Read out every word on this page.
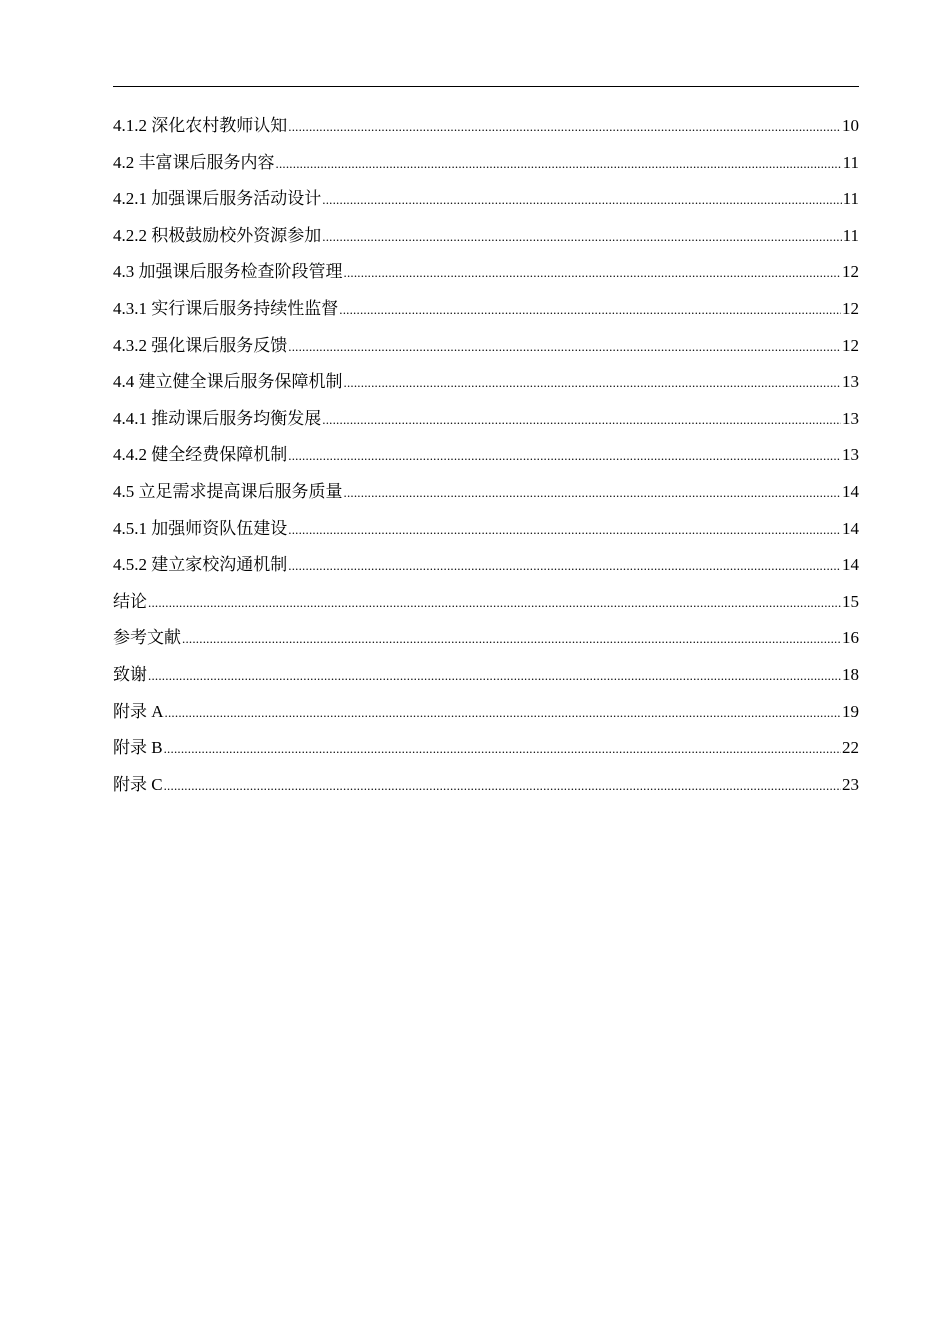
4.1.2 深化农村教师认知 .....	10
4.2 丰富课后服务内容 .....	11
4.2.1 加强课后服务活动设计 .....	11
4.2.2 积极鼓励校外资源参加 .....	11
4.3 加强课后服务检查阶段管理 .....	12
4.3.1 实行课后服务持续性监督 .....	12
4.3.2 强化课后服务反馈 .....	12
4.4 建立健全课后服务保障机制 .....	13
4.4.1 推动课后服务均衡发展 .....	13
4.4.2 健全经费保障机制 .....	13
4.5 立足需求提高课后服务质量 .....	14
4.5.1 加强师资队伍建设 .....	14
4.5.2 建立家校沟通机制 .....	14
结论 .....	15
参考文献 .....	16
致谢 .....	18
附录 A .....	19
附录 B .....	22
附录 C .....	23
